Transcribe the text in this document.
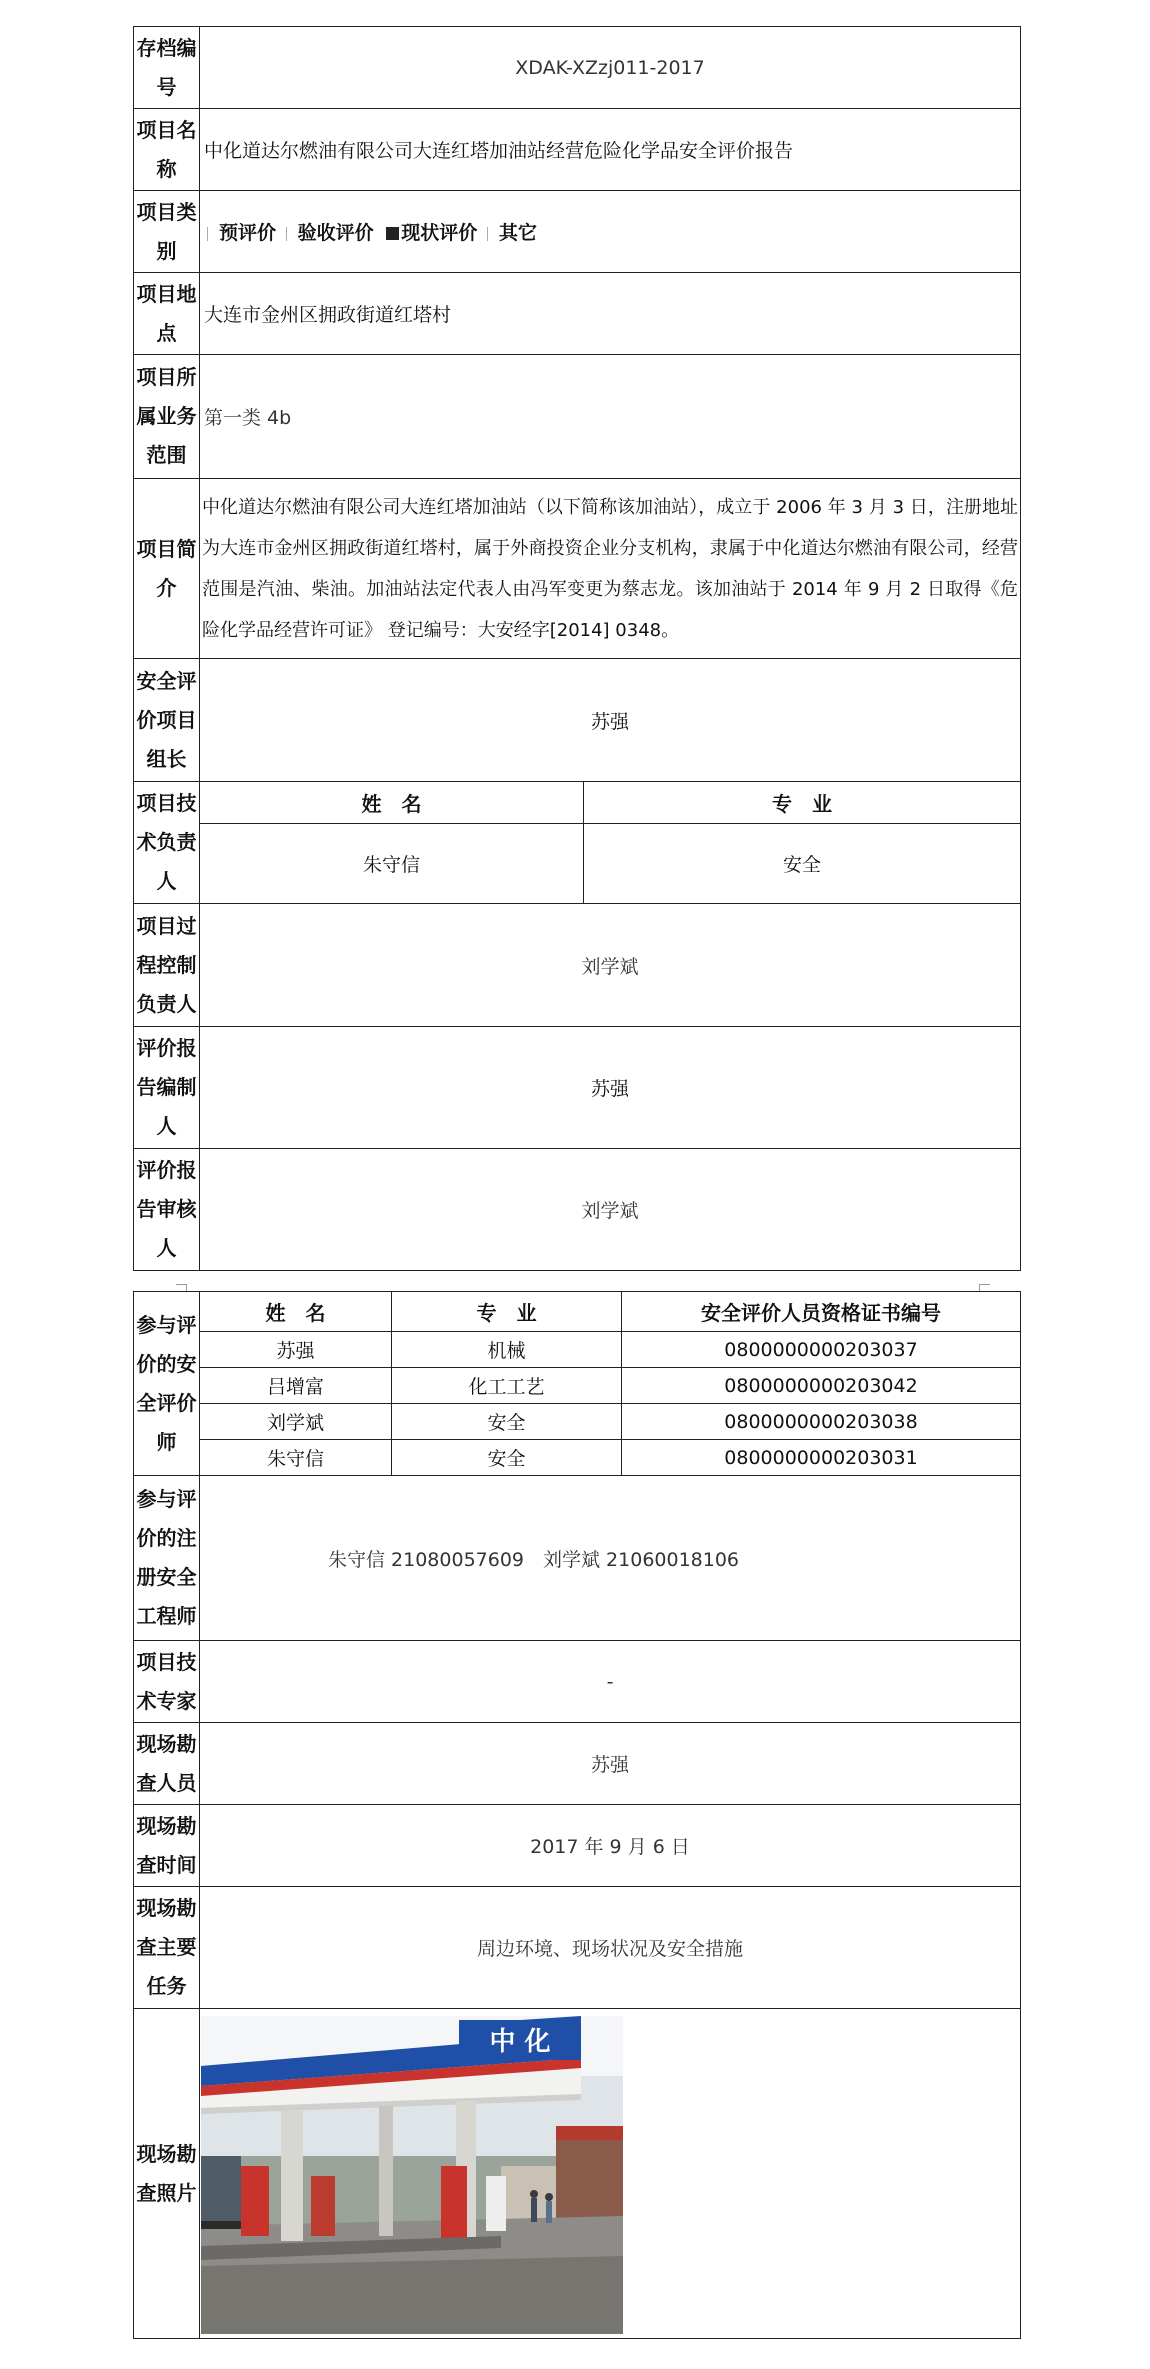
存档编号	XDAK-XZzj011-2017	
项目名称	中化道达尔燃油有限公司大连红塔加油站经营危险化学品安全评价报告	
项目类别	预评价 验收评价 现状评价 其它	
项目地点	大连市金州区拥政街道红塔村	
项目所属业务范围	第一类 4b	
项目简介	中化道达尔燃油有限公司大连红塔加油站（以下简称该加油站），成立于 2006 年 3 月 3 日，注册地址为大连市金州区拥政街道红塔村，属于外商投资企业分支机构，隶属于中化道达尔燃油有限公司，经营范围是汽油、柴油。加油站法定代表人由冯军变更为蔡志龙。该加油站于 2014 年 9 月 2 日取得《危险化学品经营许可证》 登记编号：大安经字[2014] 0348。	
安全评价项目组长	苏强	
项目技术负责人	姓　名	专　业
	朱守信	安全
项目过程控制负责人	刘学斌	
评价报告编制人	苏强	
评价报告审核人	刘学斌	
参与评价的安全评价师	姓　名	专　业	安全评价人员资格证书编号
	苏强	机械	0800000000203037
	吕增富	化工工艺	0800000000203042
	刘学斌	安全	0800000000203038
	朱守信	安全	0800000000203031
参与评价的注册安全工程师	朱守信 21080057609　刘学斌 21060018106		
项目技术专家	-		
现场勘查人员	苏强		
现场勘查时间	2017 年 9 月 6 日		
现场勘查主要任务	周边环境、现场状况及安全措施		
现场勘查照片			
中 化
